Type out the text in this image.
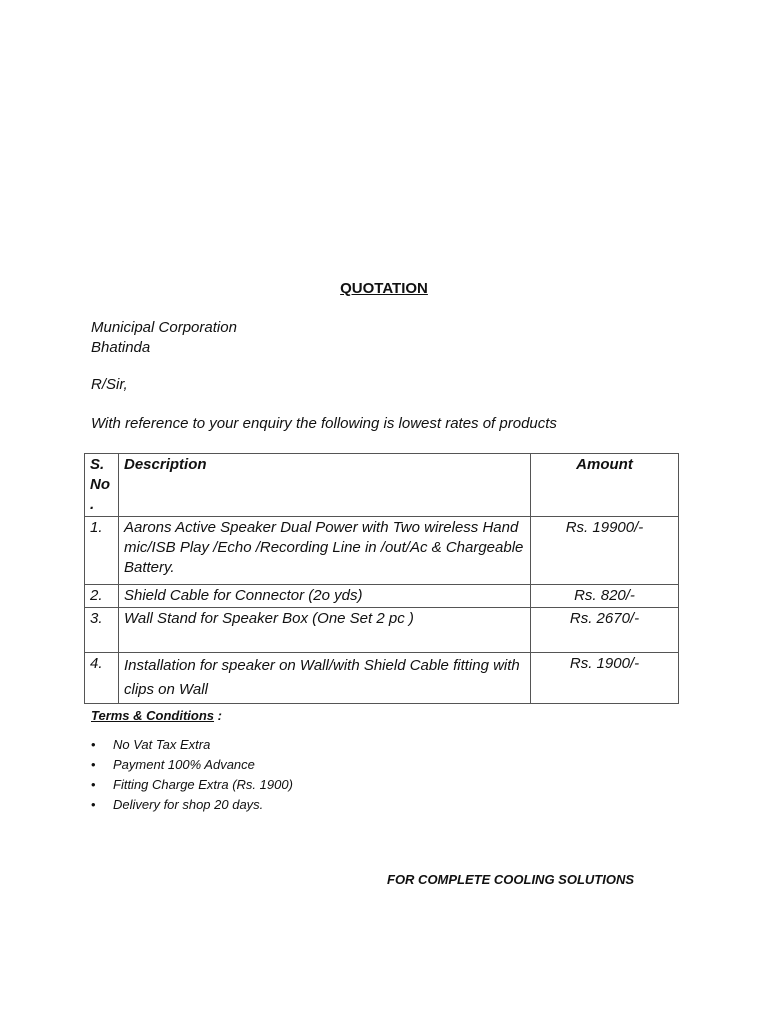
QUOTATION
Municipal Corporation
Bhatinda
R/Sir,
With reference to your enquiry the following is lowest rates of products
S. No .	Description	Amount
1.	Aarons Active Speaker Dual Power with Two wireless Hand mic/ISB Play /Echo /Recording Line in /out/Ac & Chargeable Battery.	Rs. 19900/-
2.	Shield Cable for Connector (2o yds)	Rs. 820/-
3.	Wall Stand for Speaker Box (One Set 2 pc )	Rs. 2670/-
4.	Installation for speaker on Wall/with Shield Cable fitting with clips on Wall	Rs. 1900/-
Terms & Conditions :
• No Vat Tax Extra
• Payment 100% Advance
• Fitting Charge Extra (Rs. 1900)
• Delivery for shop 20 days.
FOR COMPLETE COOLING SOLUTIONS
